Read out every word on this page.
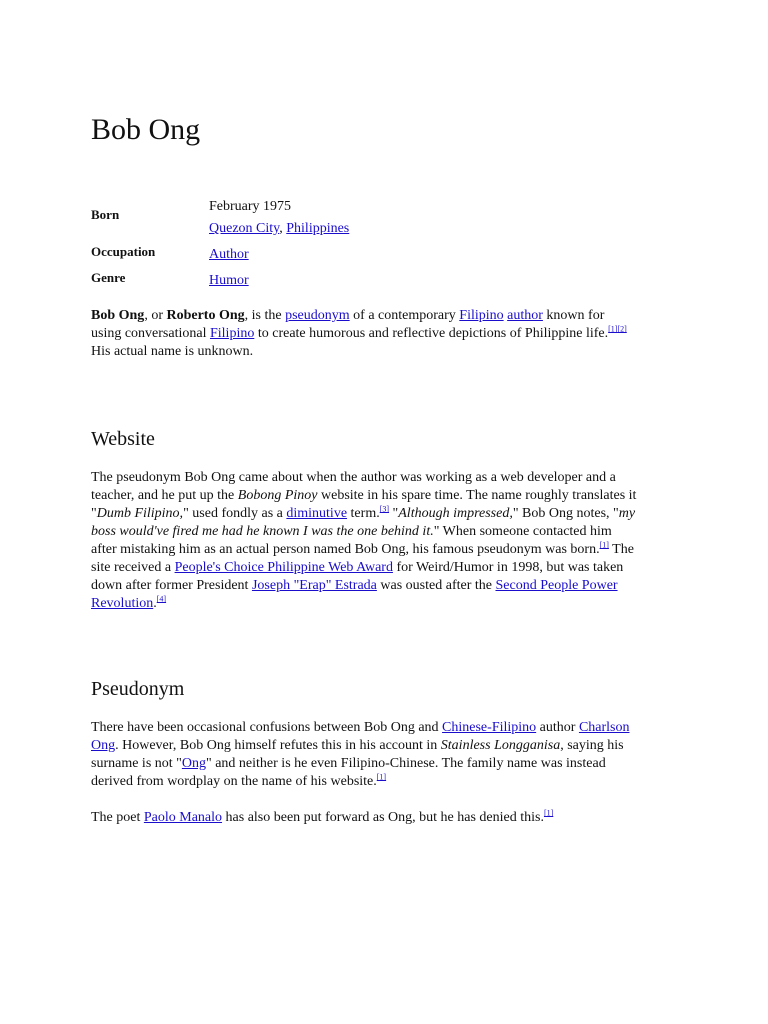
Bob Ong
Born
February 1975
Quezon City, Philippines
Occupation	Author
Genre	Humor

Bob Ong, or Roberto Ong, is the pseudonym of a contemporary Filipino author known for
using conversational Filipino to create humorous and reflective depictions of Philippine life.[1][2]
His actual name is unknown.

Website

The pseudonym Bob Ong came about when the author was working as a web developer and a
teacher, and he put up the Bobong Pinoy website in his spare time. The name roughly translates it
"Dumb Filipino," used fondly as a diminutive term.[3] "Although impressed," Bob Ong notes, "my
boss would've fired me had he known I was the one behind it." When someone contacted him
after mistaking him as an actual person named Bob Ong, his famous pseudonym was born.[1] The
site received a People's Choice Philippine Web Award for Weird/Humor in 1998, but was taken
down after former President Joseph "Erap" Estrada was ousted after the Second People Power
Revolution.[4]

Pseudonym

There have been occasional confusions between Bob Ong and Chinese-Filipino author Charlson
Ong. However, Bob Ong himself refutes this in his account in Stainless Longganisa, saying his
surname is not "Ong" and neither is he even Filipino-Chinese. The family name was instead
derived from wordplay on the name of his website.[1]

The poet Paolo Manalo has also been put forward as Ong, but he has denied this.[1]
